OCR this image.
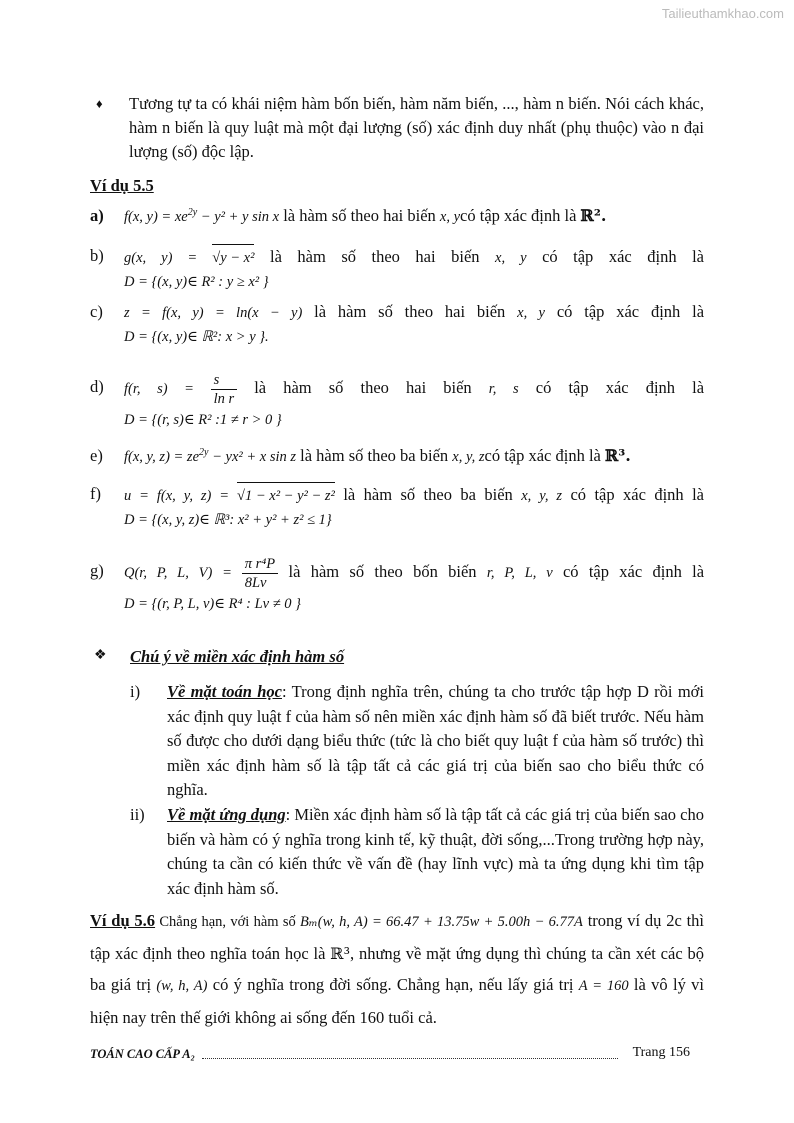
Tailieuthamkhao.com
♦ Tương tự ta có khái niệm hàm bốn biến, hàm năm biến, ..., hàm n biến. Nói cách khác, hàm n biến là quy luật mà một đại lượng (số) xác định duy nhất (phụ thuộc) vào n đại lượng (số) độc lập.
Ví dụ 5.5
a) f(x, $y) = xe^{2y} - y^2 + y$ sin x là hàm số theo hai biến x, ycó tập xác định là ℝ².
b) g(x, y) = √y − x² là hàm số theo hai biến x, y có tập xác định là
D = {(x, y)∈ R² : y ≥ x² }
c) z = f(x, y) = ln(x − y) là hàm số theo hai biến x, y có tập xác định là
D = {(x, y)∈ ℝ²: x > y }.
d) f(r, $s) = \frac{s}{\text{ln r}}$ là hàm số theo hai biến r, s có tập xác định là
D = {(r, s)∈ R² :1 ≠ r > 0 }
e) f(x, y, $z) = ze^{2y} - yx^2 + x$ sin z là hàm số theo ba biến x, y, zcó tập xác định là ℝ³.
f) u = f(x, y, z) = √1 − x² − y² − z² là hàm số theo ba biến x, y, z có tập xác định là
D = {(x, y, z)∈ ℝ³: x² + y² + z² ≤ 1}
g) Q(r, P, L, $V) = \frac{\text{π r⁴P}}{8Lv}$ là hàm số theo bốn biến r, P, L, v có tập xác định là
D = {(r, P, L, v)∈ R⁴ : Lv ≠ 0 }
❖ Chú ý về miền xác định hàm số
i) Về mặt toán học: Trong định nghĩa trên, chúng ta cho trước tập hợp D rồi mới xác định quy luật f của hàm số nên miền xác định hàm số đã biết trước. Nếu hàm số được cho dưới dạng biểu thức (tức là cho biết quy luật f của hàm số trước) thì miền xác định hàm số là tập tất cả các giá trị của biến sao cho biểu thức có nghĩa.
ii) Về mặt ứng dụng: Miền xác định hàm số là tập tất cả các giá trị của biến sao cho biến và hàm có ý nghĩa trong kinh tế, kỹ thuật, đời sống,...Trong trường hợp này, chúng ta cần có kiến thức về vấn đề (hay lĩnh vực) mà ta ứng dụng khi tìm tập xác định hàm số.
Ví dụ 5.6 Chẳng hạn, với hàm số Bₘ(w, h, A) = 66.47 + 13.75w + 5.00h − 6.77A trong ví dụ 2c thì tập xác định theo nghĩa toán học là ℝ³, nhưng về mặt ứng dụng thì chúng ta cần xét các bộ ba giá trị (w, h, A) có ý nghĩa trong đời sống. Chẳng hạn, nếu lấy giá trị A = 160 là vô lý vì hiện nay trên thế giới không ai sống đến 160 tuổi cả.
TOÁN CAO CẤP A₂	Trang 156
